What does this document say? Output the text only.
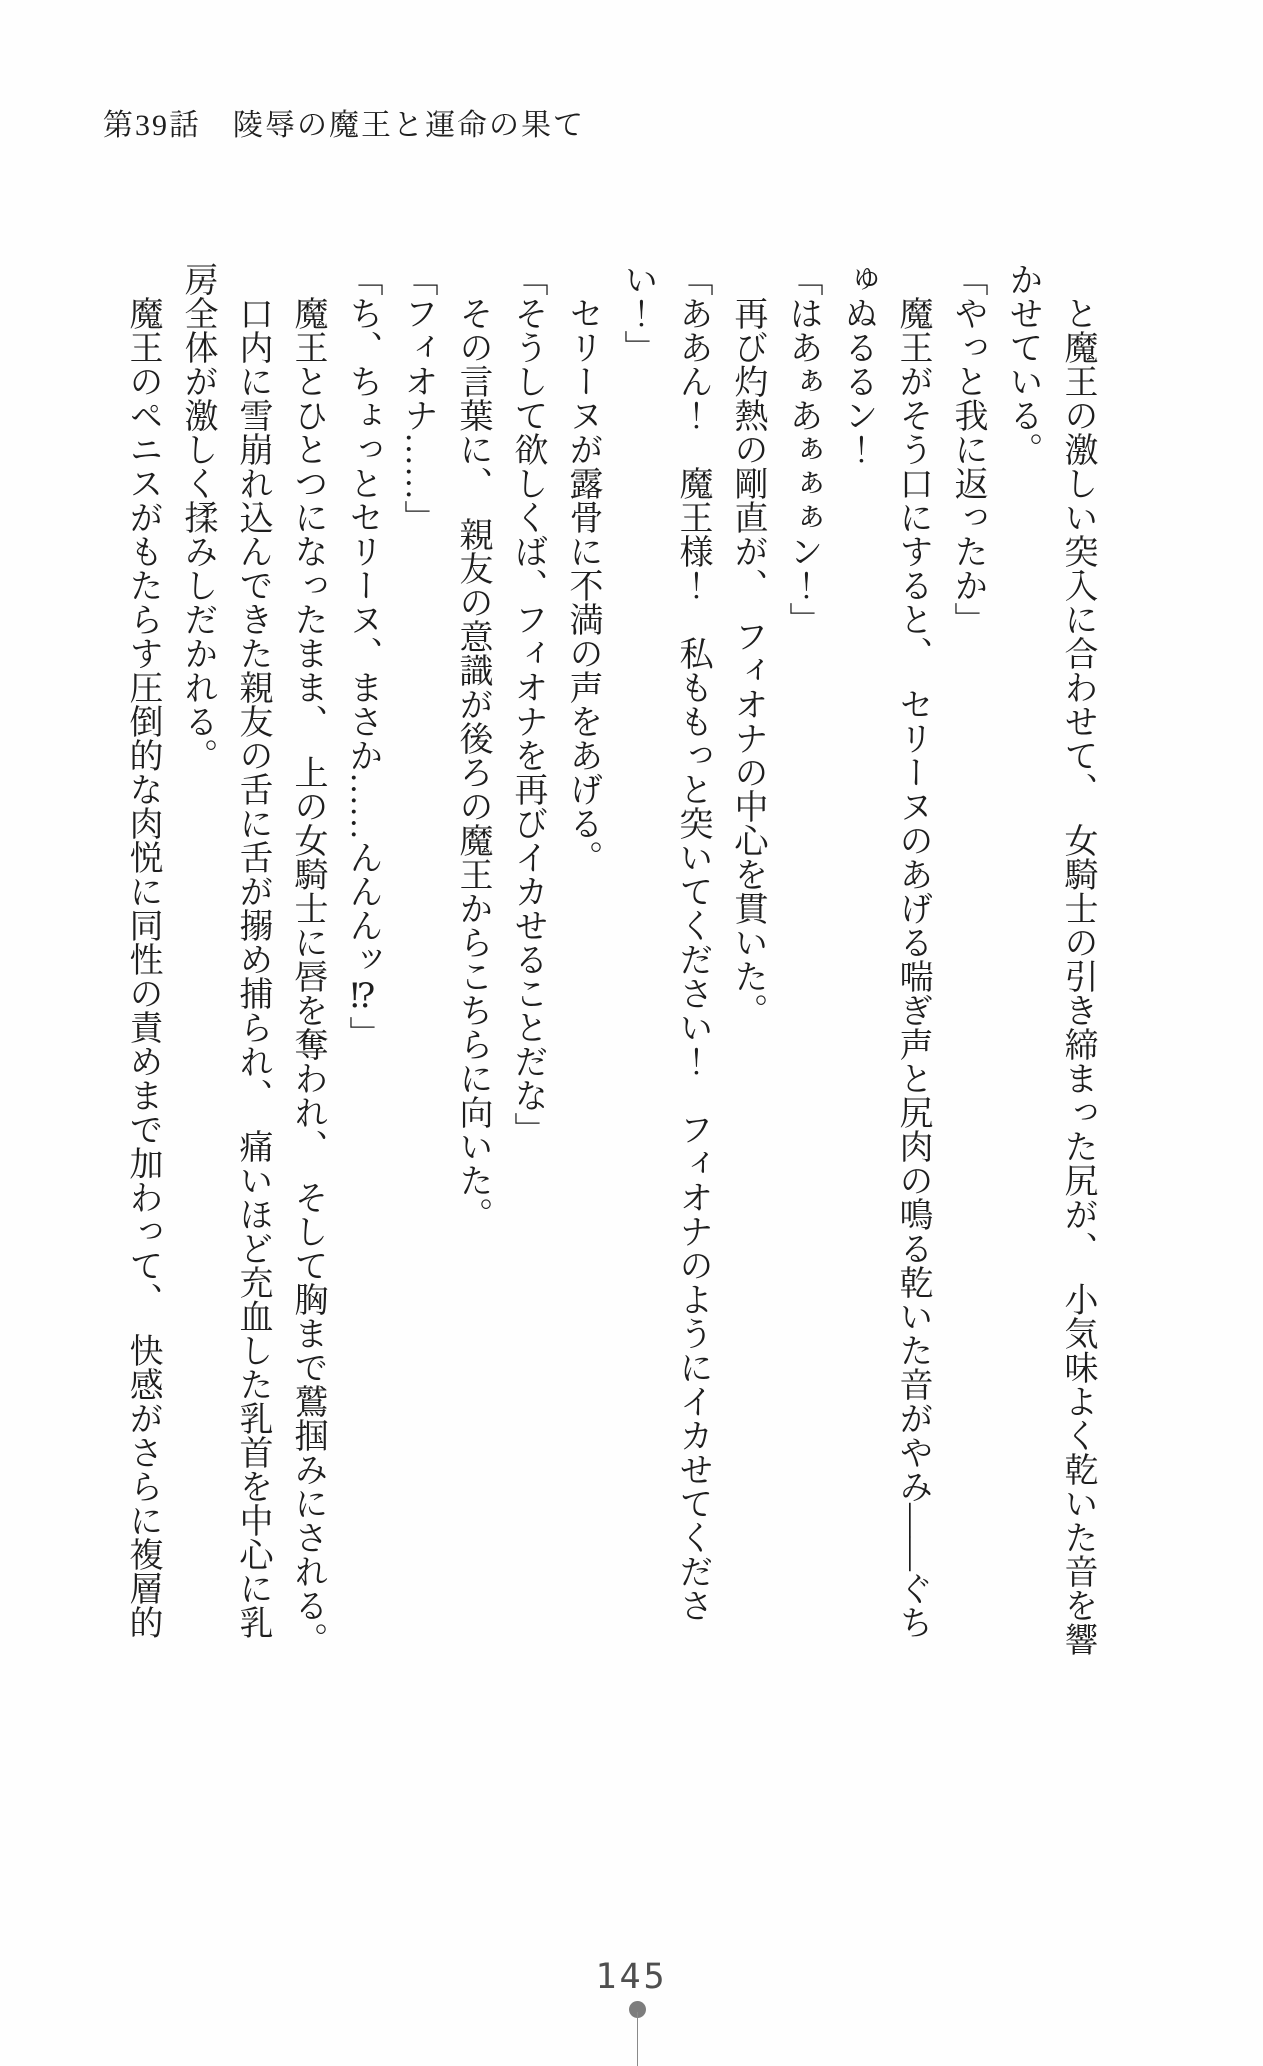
第39話　陵辱の魔王と運命の果て
　と魔王の激しい突入に合わせて、　女騎士の引き締まった尻が、　小気味よく乾いた音を響
かせている。
「やっと我に返ったか」
　魔王がそう口にすると、　セリーヌのあげる喘ぎ声と尻肉の鳴る乾いた音がやみ――ぐち
ゅぬるるン！
「はあぁあぁぁぁン！」
　再び灼熱の剛直が、　フィオナの中心を貫いた。
「ああん！　魔王様！　私ももっと突いてください！　フィオナのようにイカせてくださ
い！」
　セリーヌが露骨に不満の声をあげる。
「そうして欲しくば、フィオナを再びイカせることだな」
　その言葉に、　親友の意識が後ろの魔王からこちらに向いた。
「フィオナ……」
「ち、ちょっとセリーヌ、まさか……んんんッ⁉」
　魔王とひとつになったまま、　上の女騎士に唇を奪われ、　そして胸まで鷲掴みにされる。
　口内に雪崩れ込んできた親友の舌に舌が搦め捕られ、　痛いほど充血した乳首を中心に乳
房全体が激しく揉みしだかれる。
　魔王のペニスがもたらす圧倒的な肉悦に同性の責めまで加わって、　快感がさらに複層的
145
